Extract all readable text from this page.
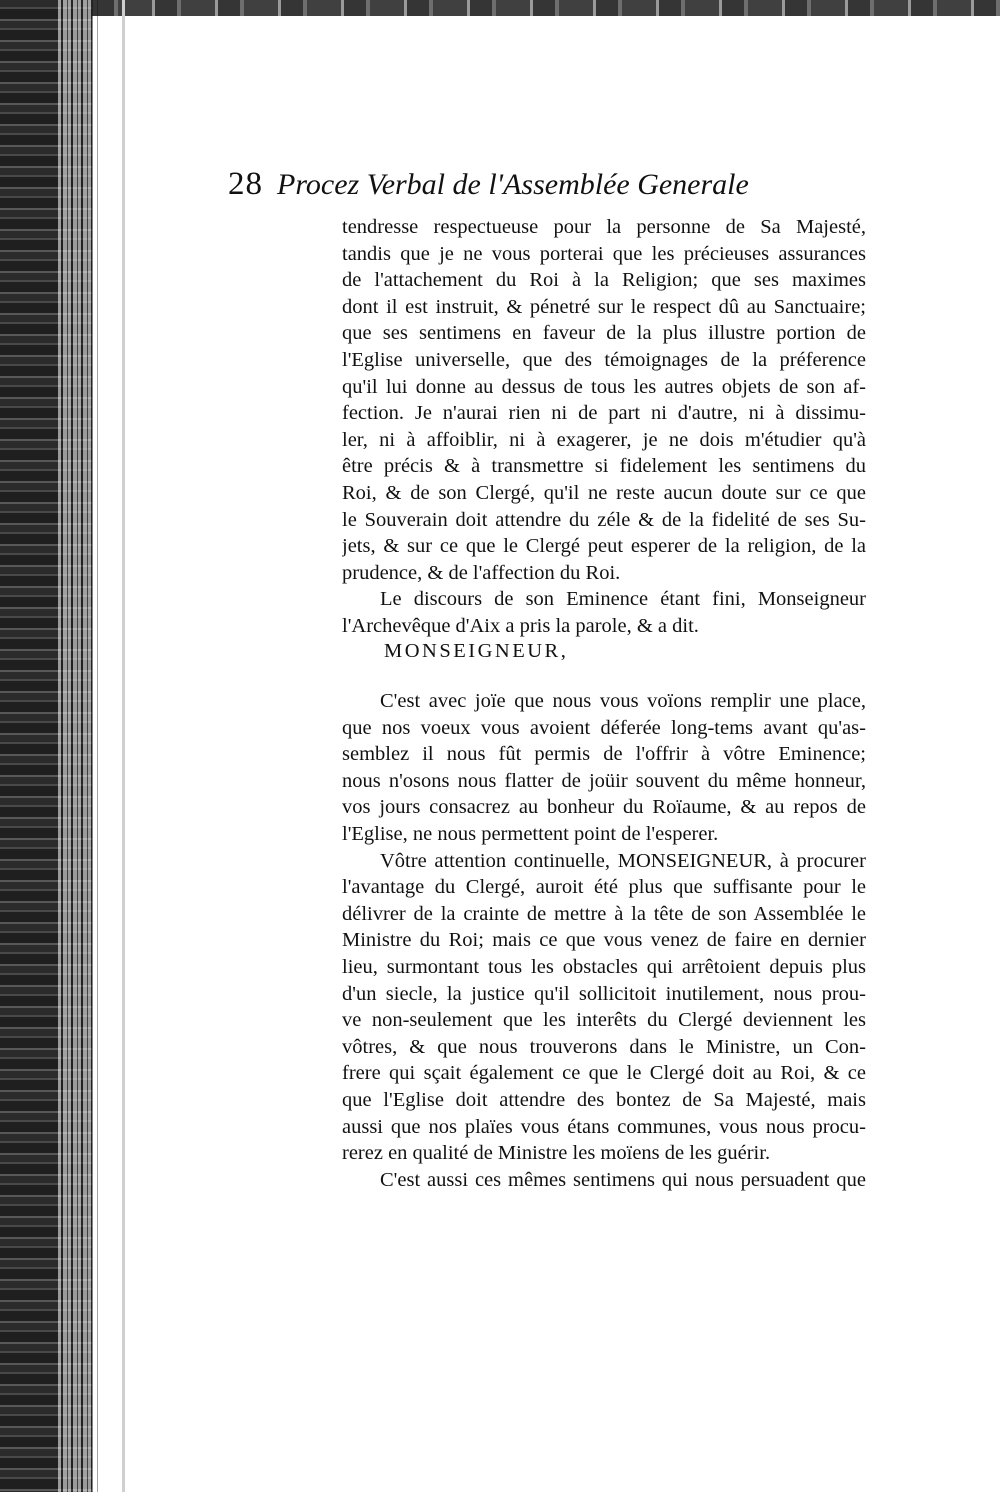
28 Procez Verbal de l'Assemblée Generale
tendresse respectueuse pour la personne de Sa Majesté,
tandis que je ne vous porterai que les précieuses assurances
de l'attachement du Roi à la Religion; que ses maximes
dont il est instruit, & pénetré sur le respect dû au Sanctuaire;
que ses sentimens en faveur de la plus illustre portion de
l'Eglise universelle, que des témoignages de la préference
qu'il lui donne au dessus de tous les autres objets de son af-
fection. Je n'aurai rien ni de part ni d'autre, ni à dissimu-
ler, ni à affoiblir, ni à exagerer, je ne dois m'étudier qu'à
être précis & à transmettre si fidelement les sentimens du
Roi, & de son Clergé, qu'il ne reste aucun doute sur ce que
le Souverain doit attendre du zéle & de la fidelité de ses Su-
jets, & sur ce que le Clergé peut esperer de la religion, de la
prudence, & de l'affection du Roi.
Le discours de son Eminence étant fini, Monseigneur
l'Archevêque d'Aix a pris la parole, & a dit.
MONSEIGNEUR,
C'est avec joïe que nous vous voïons remplir une place,
que nos voeux vous avoient déferée long-tems avant qu'as-
semblez il nous fût permis de l'offrir à vôtre Eminence;
nous n'osons nous flatter de joüir souvent du même honneur,
vos jours consacrez au bonheur du Roïaume, & au repos de
l'Eglise, ne nous permettent point de l'esperer.
Vôtre attention continuelle, MONSEIGNEUR, à procurer
l'avantage du Clergé, auroit été plus que suffisante pour le
délivrer de la crainte de mettre à la tête de son Assemblée le
Ministre du Roi; mais ce que vous venez de faire en dernier
lieu, surmontant tous les obstacles qui arrêtoient depuis plus
d'un siecle, la justice qu'il sollicitoit inutilement, nous prou-
ve non-seulement que les interêts du Clergé deviennent les
vôtres, & que nous trouverons dans le Ministre, un Con-
frere qui sçait également ce que le Clergé doit au Roi, & ce
que l'Eglise doit attendre des bontez de Sa Majesté, mais
aussi que nos plaïes vous étans communes, vous nous procu-
rerez en qualité de Ministre les moïens de les guérir.
C'est aussi ces mêmes sentimens qui nous persuadent que
